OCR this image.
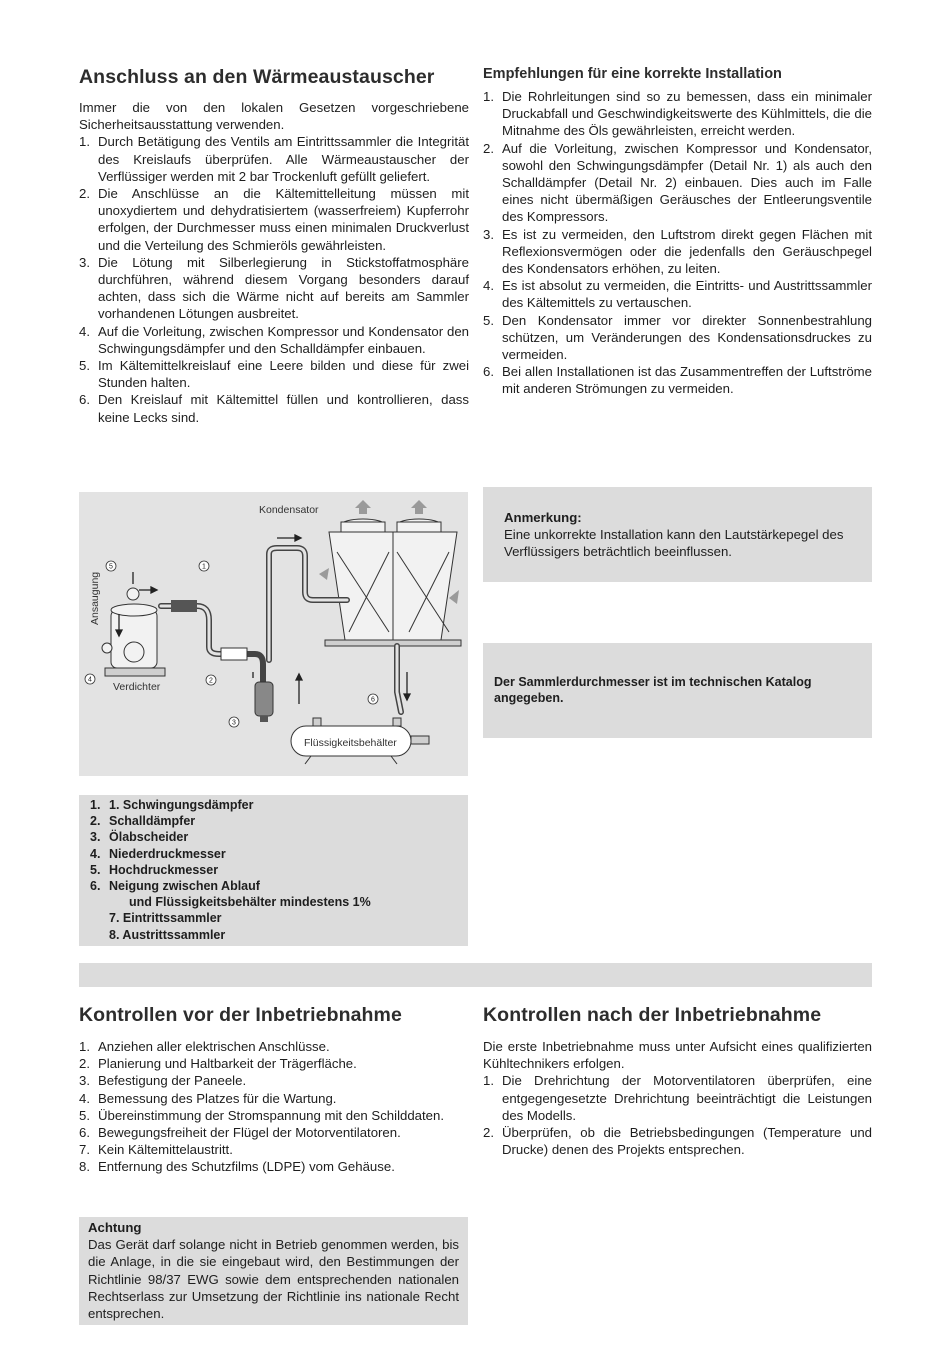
Anschluss an den Wärmeaustauscher

Immer die von den lokalen Gesetzen vorgeschriebene Sicherheitsausstattung verwenden.

1. Durch Betätigung des Ventils am Eintrittssammler die Integrität des Kreislaufs überprüfen. Alle Wärmeaustauscher der Verflüssiger werden mit 2 bar Trockenluft gefüllt geliefert.
2. Die Anschlüsse an die Kältemittelleitung müssen mit unoxydiertem und dehydratisiertem (wasserfreiem) Kupferrohr erfolgen, der Durchmesser muss einen minimalen Druckverlust und die Verteilung des Schmieröls gewährleisten.
3. Die Lötung mit Silberlegierung in Stickstoffatmosphäre durchführen, während diesem Vorgang besonders darauf achten, dass sich die Wärme nicht auf bereits am Sammler vorhandenen Lötungen ausbreitet.
4. Auf die Vorleitung, zwischen Kompressor und Kondensator den Schwingungsdämpfer und den Schalldämpfer einbauen.
5. Im Kältemittelkreislauf eine Leere bilden und diese für zwei Stunden halten.
6. Den Kreislauf mit Kältemittel füllen und kontrollieren, dass keine Lecks sind.
Empfehlungen für eine korrekte Installation
1. Die Rohrleitungen sind so zu bemessen, dass ein minimaler Druckabfall und Geschwindigkeitswerte des Kühlmittels, die die Mitnahme des Öls gewährleisten, erreicht werden.
2. Auf die Vorleitung, zwischen Kompressor und Kondensator, sowohl den Schwingungsdämpfer (Detail Nr. 1) als auch den Schalldämpfer (Detail Nr. 2) einbauen. Dies auch im Falle eines nicht übermäßigen Geräusches der Entleerungsventile des Kompressors.
3. Es ist zu vermeiden, den Luftstrom direkt gegen Flächen mit Reflexionsvermögen oder die jedenfalls den Geräuschpegel des Kondensators erhöhen, zu leiten.
4. Es ist absolut zu vermeiden, die Eintritts- und Austrittssammler des Kältemittels zu vertauschen.
5. Den Kondensator immer vor direkter Sonnenbestrahlung schützen, um Veränderungen des Kondensationsdruckes zu vermeiden.
6. Bei allen Installationen ist das Zusammentreffen der Luftströme mit anderen Strömungen zu vermeiden.
1
2
3
4
5
6
Kondensator
Verdichter
Ansaugung
Flüssigkeitsbehälter
Anmerkung:
Eine unkorrekte Installation kann den Lautstärkepegel des Verflüssigers beträchtlich beeinflussen.
Der Sammlerdurchmesser ist im technischen Katalog angegeben.
1. 1. Schwingungsdämpfer
2. Schalldämpfer
3. Ölabscheider
4. Niederdruckmesser
5. Hochdruckmesser
6. Neigung zwischen Ablauf
und Flüssigkeitsbehälter mindestens 1%
7. Eintrittssammler
8. Austrittssammler
Kontrollen vor der Inbetriebnahme
1. Anziehen aller elektrischen Anschlüsse.
2. Planierung und Haltbarkeit der Trägerfläche.
3. Befestigung der Paneele.
4. Bemessung des Platzes für die Wartung.
5. Übereinstimmung der Stromspannung mit den Schilddaten.
6. Bewegungsfreiheit der Flügel der Motorventilatoren.
7. Kein Kältemittelaustritt.
8. Entfernung des Schutzfilms (LDPE) vom Gehäuse.
Achtung
Das Gerät darf solange nicht in Betrieb genommen werden, bis die Anlage, in die sie eingebaut wird, den Bestimmungen der Richtlinie 98/37 EWG sowie dem entsprechenden nationalen Rechtserlass zur Umsetzung der Richtlinie ins nationale Recht entsprechen.
Kontrollen nach der Inbetriebnahme

Die erste Inbetriebnahme muss unter Aufsicht eines qualifizierten Kühltechnikers erfolgen.

1. Die Drehrichtung der Motorventilatoren überprüfen, eine entgegengesetzte Drehrichtung beeinträchtigt die Leistungen des Modells.
2. Überprüfen, ob die Betriebsbedingungen (Temperature und Drucke) denen des Projekts entsprechen.
